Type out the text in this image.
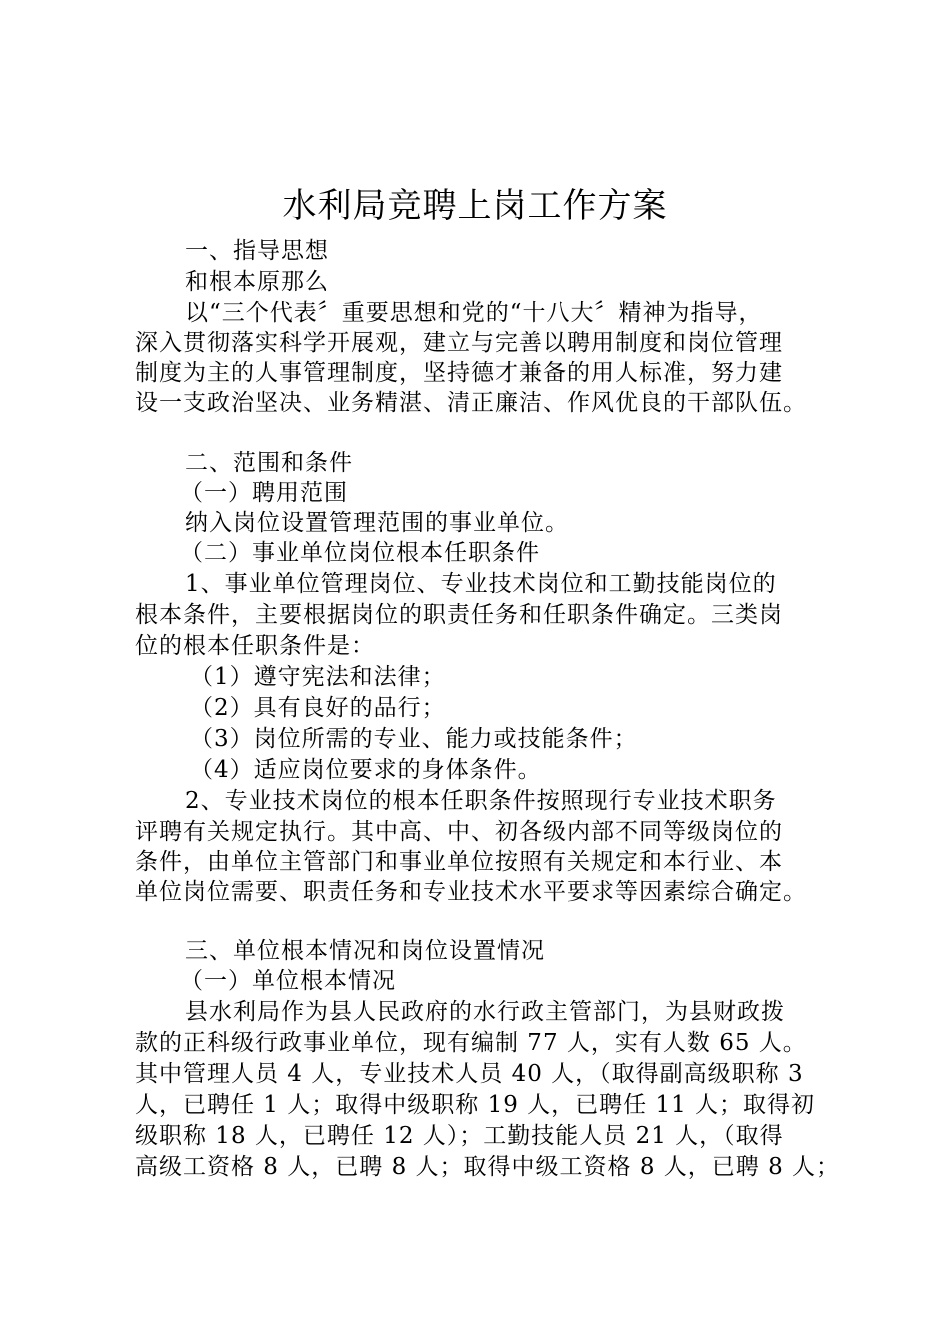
水利局竞聘上岗工作方案
一、指导思想
和根本原那么
以“三个代表〞重要思想和党的“十八大〞精神为指导，
深入贯彻落实科学开展观，建立与完善以聘用制度和岗位管理
制度为主的人事管理制度，坚持德才兼备的用人标准，努力建
设一支政治坚决、业务精湛、清正廉洁、作风优良的干部队伍。
二、范围和条件
（一）聘用范围
纳入岗位设置管理范围的事业单位。
（二）事业单位岗位根本任职条件
1、事业单位管理岗位、专业技术岗位和工勤技能岗位的
根本条件，主要根据岗位的职责任务和任职条件确定。三类岗
位的根本任职条件是：
（1）遵守宪法和法律；
（2）具有良好的品行；
（3）岗位所需的专业、能力或技能条件；
（4）适应岗位要求的身体条件。
2、专业技术岗位的根本任职条件按照现行专业技术职务
评聘有关规定执行。其中高、中、初各级内部不同等级岗位的
条件，由单位主管部门和事业单位按照有关规定和本行业、本
单位岗位需要、职责任务和专业技术水平要求等因素综合确定。
三、单位根本情况和岗位设置情况
（一）单位根本情况
县水利局作为县人民政府的水行政主管部门，为县财政拨
款的正科级行政事业单位，现有编制 77 人，实有人数 65 人。
其中管理人员 4 人，专业技术人员 40 人，（取得副高级职称 3
人，已聘任 1 人；取得中级职称 19 人，已聘任 11 人；取得初
级职称 18 人，已聘任 12 人）；工勤技能人员 21 人，（取得
高级工资格 8 人，已聘 8 人；取得中级工资格 8 人，已聘 8 人；
